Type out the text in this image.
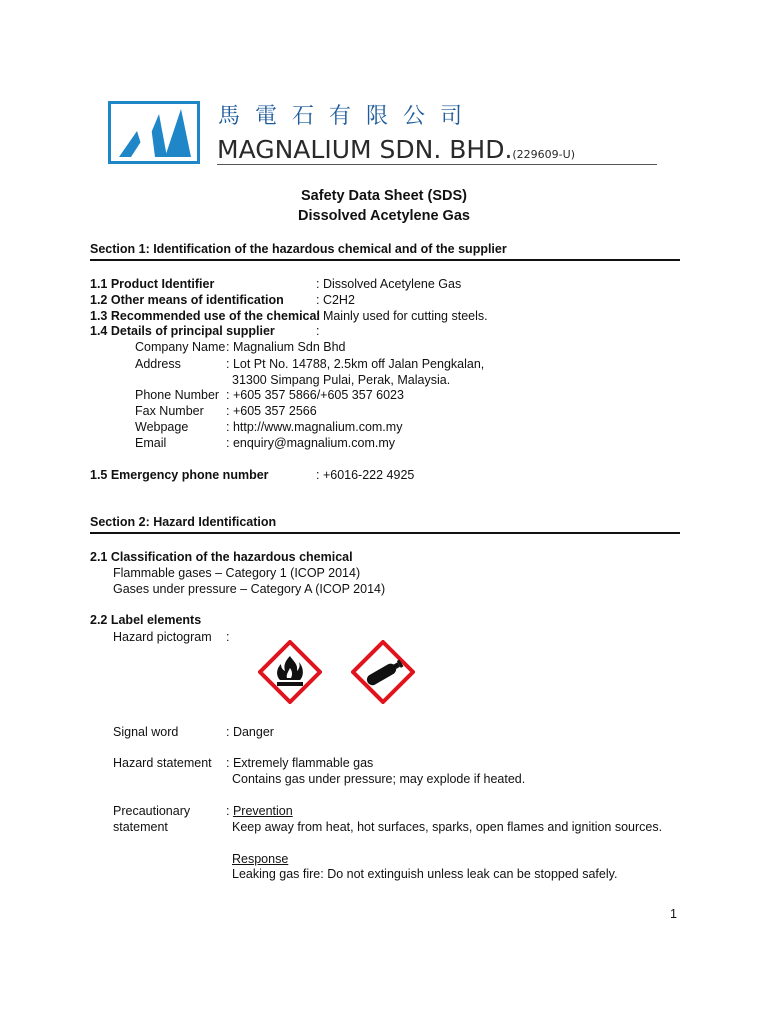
馬電石有限公司
MAGNALIUM SDN. BHD.(229609-U)
Safety Data Sheet (SDS)
Dissolved Acetylene Gas
Section 1: Identification of the hazardous chemical and of the supplier
1.1 Product Identifier	: Dissolved Acetylene Gas
1.2 Other means of identification	: C2H2
1.3 Recommended use of the chemical
: Mainly used for cutting steels.
1.4 Details of principal supplier	:
Company Name : Magnalium Sdn Bhd
Address	: Lot Pt No. 14788, 2.5km off Jalan Pengkalan,
31300 Simpang Pulai, Perak, Malaysia.
Phone Number : +605 357 5866/+605 357 6023
Fax Number : +605 357 2566
Webpage	: http://www.magnalium.com.my
Email	: enquiry@magnalium.com.my
1.5 Emergency phone number	: +6016-222 4925
Section 2: Hazard Identification
2.1 Classification of the hazardous chemical
Flammable gases – Category 1 (ICOP 2014)
Gases under pressure – Category A (ICOP 2014)
2.2 Label elements
Hazard pictogram :
Signal word	: Danger
Hazard statement : Extremely flammable gas
Contains gas under pressure; may explode if heated.
Precautionary
statement
: Prevention
Keep away from heat, hot surfaces, sparks, open flames and ignition sources.
Response
Leaking gas fire: Do not extinguish unless leak can be stopped safely.
1
